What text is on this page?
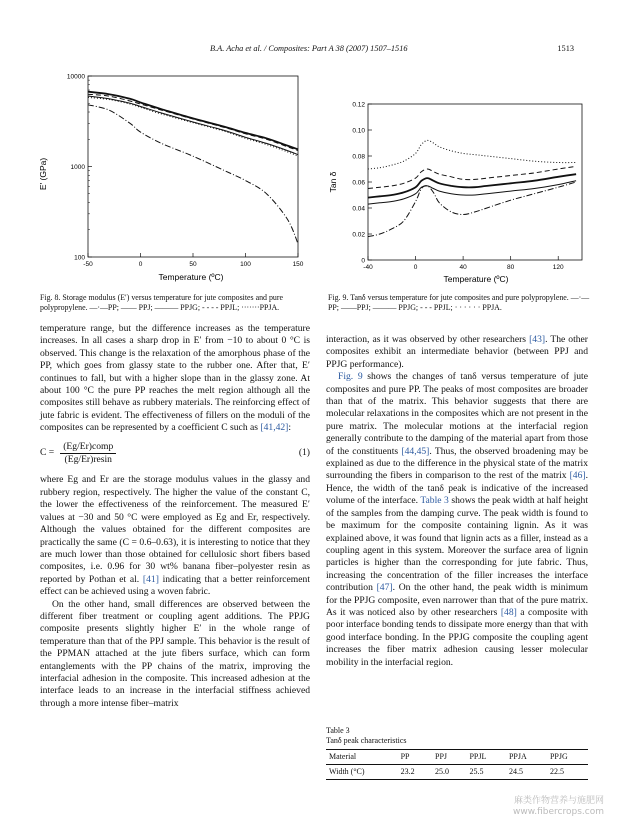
B.A. Acha et al. / Composites: Part A 38 (2007) 1507–1516	1513
-50	0	50	100	150
100
1000
10000
Temperature (ºC)
E' (GPa)
Fig. 8. Storage modulus (E′) versus temperature for jute composites and pure polypropylene. —·—PP; —— PPJ; ——— PPJG; - - - - PPJL; ·······PPJA.
-40	0	40	80	120
0
0.02
0.04
0.06
0.08
0.10
0.12
Temperature (ºC)
Tan δ
Fig. 9. Tanδ versus temperature for jute composites and pure polypropylene. —·—PP; ——PPJ; ——— PPJG; - - - PPJL; · · · · · · PPJA.

temperature range, but the difference increases as the temperature increases. In all cases a sharp drop in E′ from −10 to about 0 °C is observed. This change is the relaxation of the amorphous phase of the PP, which goes from glassy state to the rubber one. After that, E′ continues to fall, but with a higher slope than in the glassy zone. At about 100 °C the pure PP reaches the melt region although all the composites still behave as rubbery materials. The reinforcing effect of jute fabric is evident. The effectiveness of fillers on the moduli of the composites can be represented by a coefficient C such as [41,42]:

$C = \frac{\text{(Eg/Er)comp}}{(Eg/Er)resin}$	(1)

where Eg and Er are the storage modulus values in the glassy and rubbery region, respectively. The higher the value of the constant C, the lower the effectiveness of the reinforcement. The measured E′ values at −30 and 50 °C were employed as Eg and Er, respectively. Although the values obtained for the different composites are practically the same (C = 0.6–0.63), it is interesting to notice that they are much lower than those obtained for cellulosic short fibers based composites, i.e. 0.96 for 30 wt% banana fiber–polyester resin as reported by Pothan et al. [41] indicating that a better reinforcement effect can be achieved using a woven fabric.

On the other hand, small differences are observed between the different fiber treatment or coupling agent additions. The PPJG composite presents slightly higher E′ in the whole range of temperature than that of the PPJ sample. This behavior is the result of the PPMAN attached at the jute fibers surface, which can form entanglements with the PP chains of the matrix, improving the interfacial adhesion in the composite. This increased adhesion at the interface leads to an increase in the interfacial stiffness achieved through a more intense fiber–matrix

interaction, as it was observed by other researchers [43]. The other composites exhibit an intermediate behavior (between PPJ and PPJG performance).

Fig. 9 shows the changes of tanδ versus temperature of jute composites and pure PP. The peaks of most composites are broader than that of the matrix. This behavior suggests that there are molecular relaxations in the composites which are not present in the pure matrix. The molecular motions at the interfacial region generally contribute to the damping of the material apart from those of the constituents [44,45]. Thus, the observed broadening may be explained as due to the difference in the physical state of the matrix surrounding the fibers in comparison to the rest of the matrix [46]. Hence, the width of the tanδ peak is indicative of the increased volume of the interface. Table 3 shows the peak width at half height of the samples from the damping curve. The peak width is found to be maximum for the composite containing lignin. As it was explained above, it was found that lignin acts as a filler, instead as a coupling agent in this system. Moreover the surface area of lignin particles is higher than the corresponding for jute fabric. Thus, increasing the concentration of the filler increases the interface contribution [47]. On the other hand, the peak width is minimum for the PPJG composite, even narrower than that of the pure matrix. As it was noticed also by other researchers [48] a composite with poor interface bonding tends to dissipate more energy than that with good interface bonding. In the PPJG composite the coupling agent increases the fiber matrix adhesion causing lesser molecular mobility in the interfacial region.

Table 3
Tanδ peak characteristics
Material	PP	PPJ	PPJL	PPJA	PPJG
Width (°C)	23.2	25.0	25.5	24.5	22.5
麻类作物营养与施肥网
www.fibercrops.com
